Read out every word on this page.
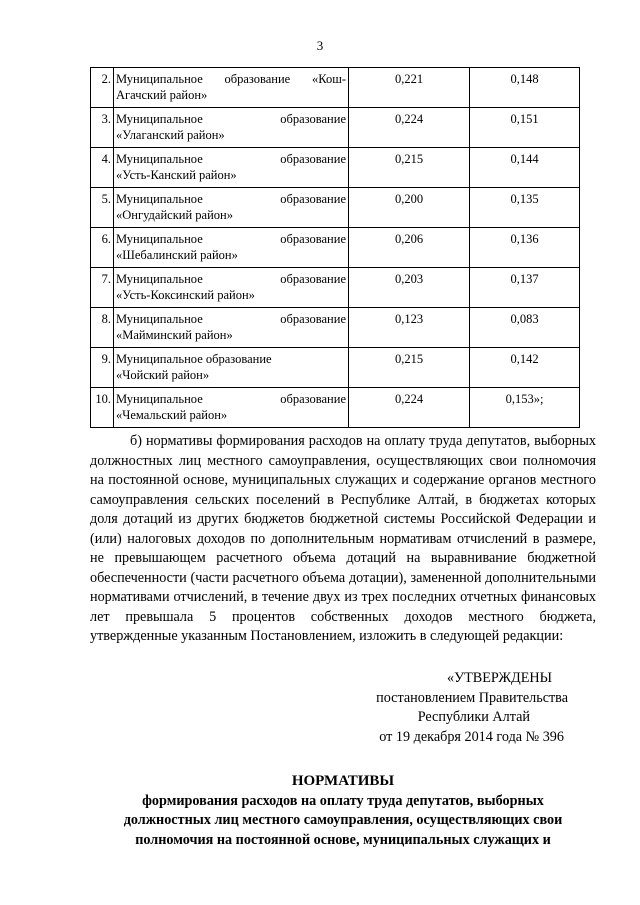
3
2.	Муниципальное образование «Кош-
Агачский район»	0,221	0,148
3.	Муниципальное образование
«Улаганский район»	0,224	0,151
4.	Муниципальное образование
«Усть-Канский район»	0,215	0,144
5.	Муниципальное образование
«Онгудайский район»	0,200	0,135
6.	Муниципальное образование
«Шебалинский район»	0,206	0,136
7.	Муниципальное образование
«Усть-Коксинский район»	0,203	0,137
8.	Муниципальное образование
«Майминский район»	0,123	0,083
9.	Муниципальное образование
«Чойский район»	0,215	0,142
10.	Муниципальное образование
«Чемальский район»	0,224	0,153»;

б) нормативы формирования расходов на оплату труда депутатов, выборных должностных лиц местного самоуправления, осуществляющих свои полномочия на постоянной основе, муниципальных служащих и содержание органов местного самоуправления сельских поселений в Республике Алтай, в бюджетах которых доля дотаций из других бюджетов бюджетной системы Российской Федерации и (или) налоговых доходов по дополнительным нормативам отчислений в размере, не превышающем расчетного объема дотаций на выравнивание бюджетной обеспеченности (части расчетного объема дотации), замененной дополнительными нормативами отчислений, в течение двух из трех последних отчетных финансовых лет превышала 5 процентов собственных доходов местного бюджета, утвержденные указанным Постановлением, изложить в следующей редакции:

«УТВЕРЖДЕНЫ
постановлением Правительства
Республики Алтай
от 19 декабря 2014 года № 396
НОРМАТИВЫ
формирования расходов на оплату труда депутатов, выборных
должностных лиц местного самоуправления, осуществляющих свои
полномочия на постоянной основе, муниципальных служащих и
